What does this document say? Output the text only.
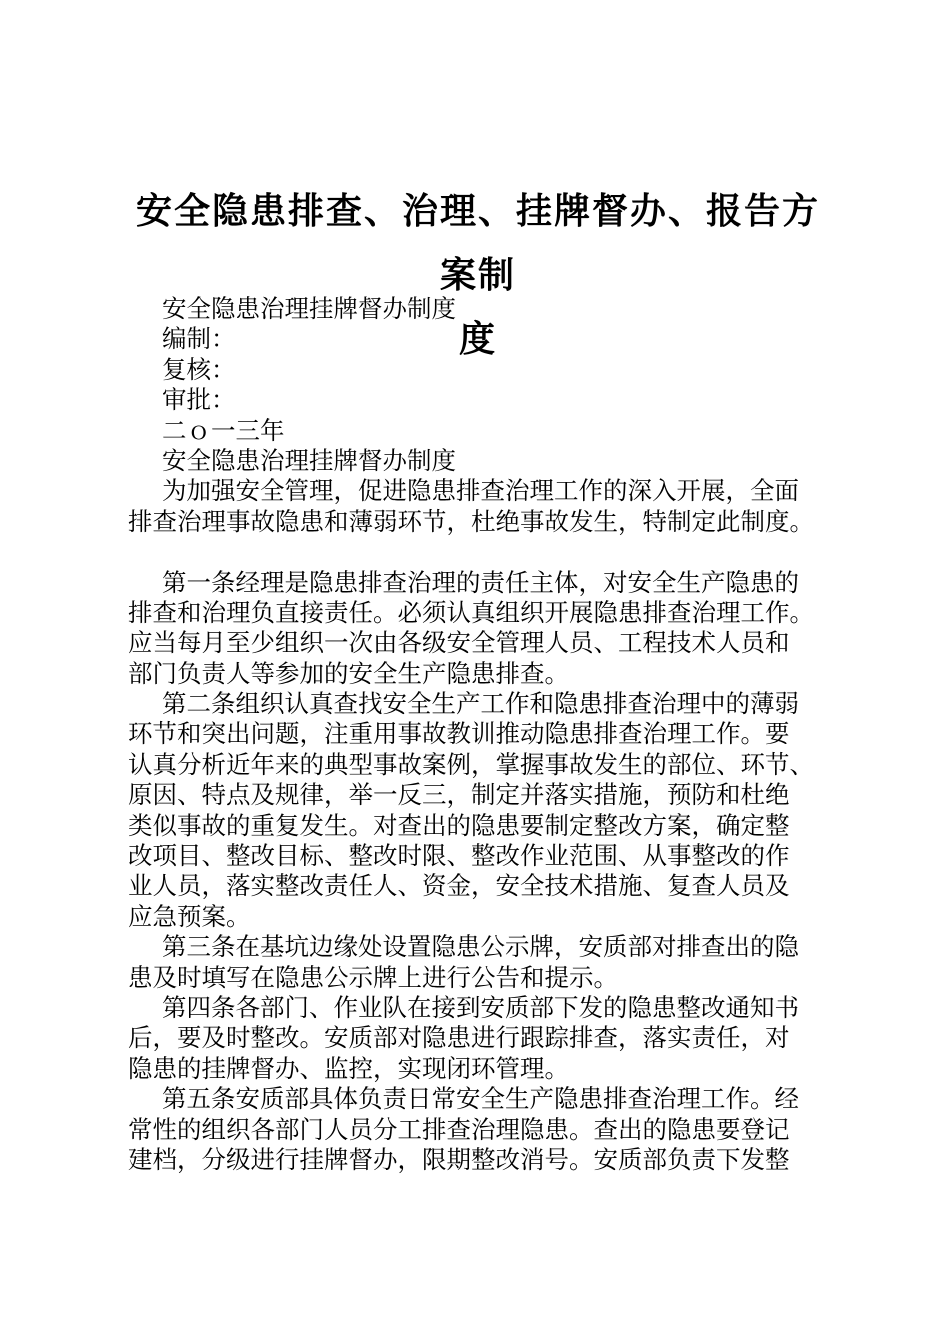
安全隐患排查、治理、挂牌督办、报告方案制
度
安全隐患治理挂牌督办制度
编制：
复核：
审批：
二ｏ一三年
安全隐患治理挂牌督办制度
为加强安全管理，促进隐患排查治理工作的深入开展，全面
排查治理事故隐患和薄弱环节，杜绝事故发生，特制定此制度。
第一条经理是隐患排查治理的责任主体，对安全生产隐患的
排查和治理负直接责任。必须认真组织开展隐患排查治理工作。
应当每月至少组织一次由各级安全管理人员、工程技术人员和
部门负责人等参加的安全生产隐患排查。
第二条组织认真查找安全生产工作和隐患排查治理中的薄弱
环节和突出问题，注重用事故教训推动隐患排查治理工作。要
认真分析近年来的典型事故案例，掌握事故发生的部位、环节、
原因、特点及规律，举一反三，制定并落实措施，预防和杜绝
类似事故的重复发生。对查出的隐患要制定整改方案，确定整
改项目、整改目标、整改时限、整改作业范围、从事整改的作
业人员，落实整改责任人、资金，安全技术措施、复查人员及
应急预案。
第三条在基坑边缘处设置隐患公示牌，安质部对排查出的隐
患及时填写在隐患公示牌上进行公告和提示。
第四条各部门、作业队在接到安质部下发的隐患整改通知书
后，要及时整改。安质部对隐患进行跟踪排查，落实责任，对
隐患的挂牌督办、监控，实现闭环管理。
第五条安质部具体负责日常安全生产隐患排查治理工作。经
常性的组织各部门人员分工排查治理隐患。查出的隐患要登记
建档，分级进行挂牌督办，限期整改消号。安质部负责下发整
